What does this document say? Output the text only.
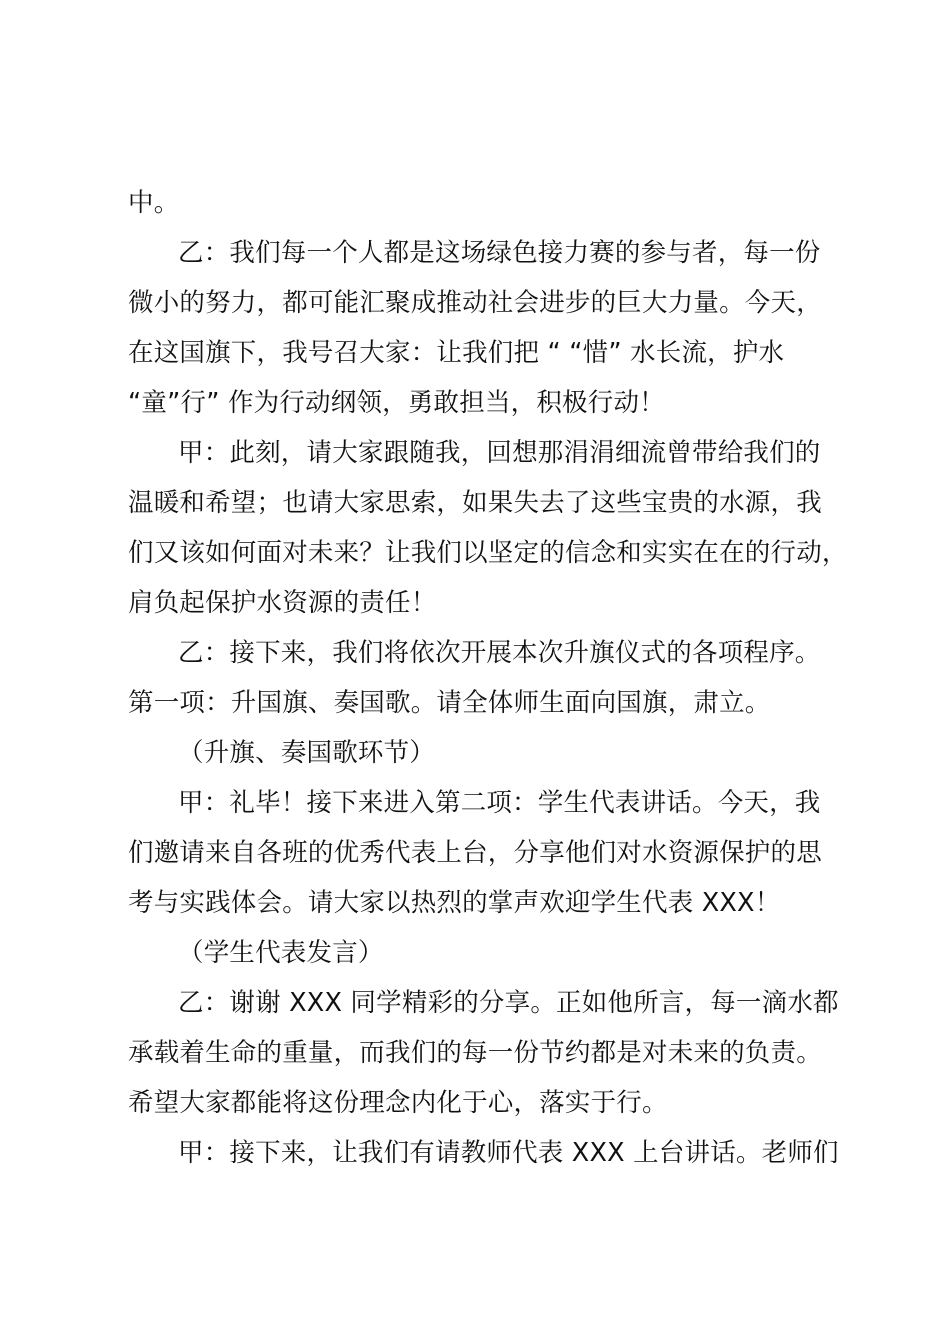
中。
乙：我们每一个人都是这场绿色接力赛的参与者，每一份
微小的努力，都可能汇聚成推动社会进步的巨大力量。今天，
在这国旗下，我号召大家：让我们把 “ “惜” 水长流，护水
“童”行” 作为行动纲领，勇敢担当，积极行动！
甲：此刻，请大家跟随我，回想那涓涓细流曾带给我们的
温暖和希望；也请大家思索，如果失去了这些宝贵的水源，我
们又该如何面对未来？让我们以坚定的信念和实实在在的行动，
肩负起保护水资源的责任！
乙：接下来，我们将依次开展本次升旗仪式的各项程序。
第一项：升国旗、奏国歌。请全体师生面向国旗，肃立。
（升旗、奏国歌环节）
甲：礼毕！接下来进入第二项：学生代表讲话。今天，我
们邀请来自各班的优秀代表上台，分享他们对水资源保护的思
考与实践体会。请大家以热烈的掌声欢迎学生代表 XXX！
（学生代表发言）
乙：谢谢 XXX 同学精彩的分享。正如他所言，每一滴水都
承载着生命的重量，而我们的每一份节约都是对未来的负责。
希望大家都能将这份理念内化于心，落实于行。
甲：接下来，让我们有请教师代表 XXX 上台讲话。老师们
